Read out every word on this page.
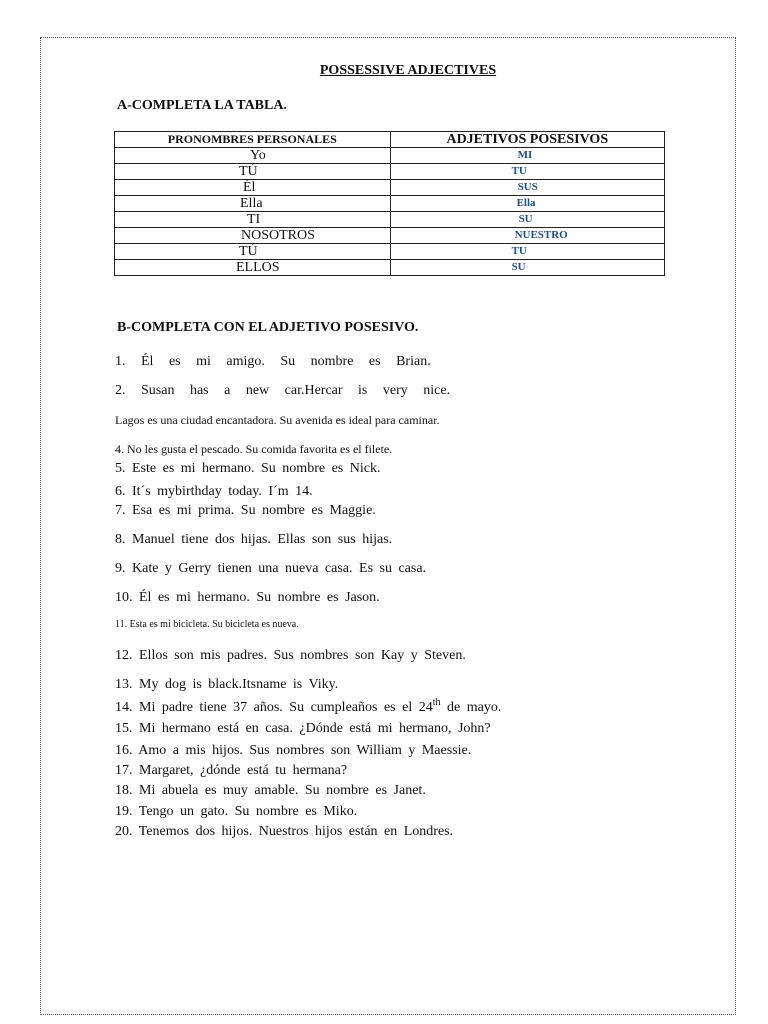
POSSESSIVE ADJECTIVES
A-COMPLETA LA TABLA.
PRONOMBRES PERSONALES	ADJETIVOS POSESIVOS
Yo	MI
TÚ	TU
Él	SUS
Ella	Ella
TI	SU
NOSOTROS	NUESTRO
TÚ	TU
ELLOS	SU
B-COMPLETA CON EL ADJETIVO POSESIVO.
1. Él es mi amigo. Su nombre es Brian.
2. Susan has a new car.Hercar is very nice.
Lagos es una ciudad encantadora. Su avenida es ideal para caminar.
4. No les gusta el pescado. Su comida favorita es el filete.
5. Este es mi hermano. Su nombre es Nick.
6. It´s mybirthday today. I´m 14.
7. Esa es mi prima. Su nombre es Maggie.
8. Manuel tiene dos hijas. Ellas son sus hijas.
9. Kate y Gerry tienen una nueva casa. Es su casa.
10. Él es mi hermano. Su nombre es Jason.
11. Esta es mi bicicleta. Su bicicleta es nueva.
12. Ellos son mis padres. Sus nombres son Kay y Steven.
13. My dog is black.Itsname is Viky.
14. Mi padre tiene 37 años. Su cumpleaños es el 24th de mayo.
15. Mi hermano está en casa. ¿Dónde está mi hermano, John?
16. Amo a mis hijos. Sus nombres son William y Maessie.
17. Margaret, ¿dónde está tu hermana?
18. Mi abuela es muy amable. Su nombre es Janet.
19. Tengo un gato. Su nombre es Miko.
20. Tenemos dos hijos. Nuestros hijos están en Londres.
